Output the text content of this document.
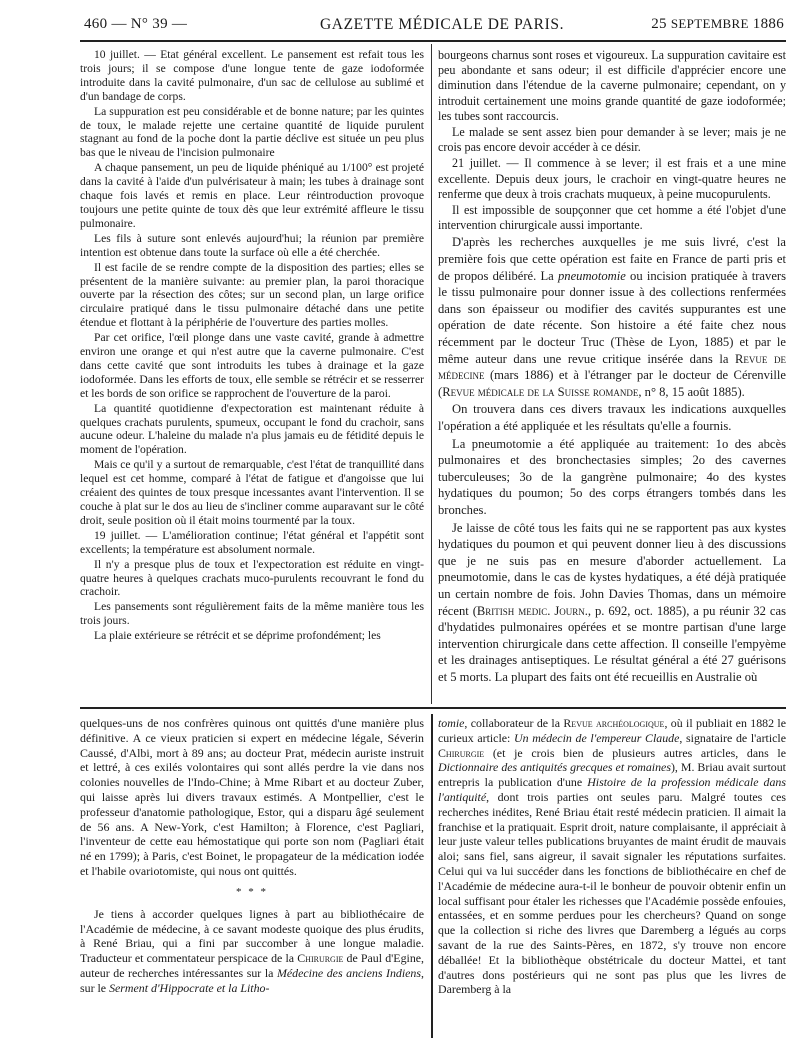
460 — N° 39 —	GAZETTE MÉDICALE DE PARIS.	25 SEPTEMBRE 1886

10 juillet. — Etat général excellent. Le pansement est refait tous les trois jours; il se compose d'une longue tente de gaze iodoformée introduite dans la cavité pulmonaire, d'un sac de cellulose au sublimé et d'un bandage de corps.

La suppuration est peu considérable et de bonne nature; par les quintes de toux, le malade rejette une certaine quantité de liquide purulent stagnant au fond de la poche dont la partie déclive est située un peu plus bas que le niveau de l'incision pulmonaire

A chaque pansement, un peu de liquide phéniqué au 1/100° est projeté dans la cavité à l'aide d'un pulvérisateur à main; les tubes à drainage sont chaque fois lavés et remis en place. Leur réintroduction provoque toujours une petite quinte de toux dès que leur extrémité affleure le tissu pulmonaire.

Les fils à suture sont enlevés aujourd'hui; la réunion par première intention est obtenue dans toute la surface où elle a été cherchée.

Il est facile de se rendre compte de la disposition des parties; elles se présentent de la manière suivante: au premier plan, la paroi thoracique ouverte par la résection des côtes; sur un second plan, un large orifice circulaire pratiqué dans le tissu pulmonaire détaché dans une petite étendue et flottant à la périphérie de l'ouverture des parties molles.

Par cet orifice, l'œil plonge dans une vaste cavité, grande à admettre environ une orange et qui n'est autre que la caverne pulmonaire. C'est dans cette cavité que sont introduits les tubes à drainage et la gaze iodoformée. Dans les efforts de toux, elle semble se rétrécir et se resserrer et les bords de son orifice se rapprochent de l'ouverture de la paroi.

La quantité quotidienne d'expectoration est maintenant réduite à quelques crachats purulents, spumeux, occupant le fond du crachoir, sans aucune odeur. L'haleine du malade n'a plus jamais eu de fétidité depuis le moment de l'opération.

Mais ce qu'il y a surtout de remarquable, c'est l'état de tranquillité dans lequel est cet homme, comparé à l'état de fatigue et d'angoisse que lui créaient des quintes de toux presque incessantes avant l'intervention. Il se couche à plat sur le dos au lieu de s'incliner comme auparavant sur le côté droit, seule position où il était moins tourmenté par la toux.

19 juillet. — L'amélioration continue; l'état général et l'appétit sont excellents; la température est absolument normale.

Il n'y a presque plus de toux et l'expectoration est réduite en vingt-quatre heures à quelques crachats muco-purulents recouvrant le fond du crachoir.

Les pansements sont régulièrement faits de la même manière tous les trois jours.

La plaie extérieure se rétrécit et se déprime profondément; les

bourgeons charnus sont roses et vigoureux. La suppuration cavitaire est peu abondante et sans odeur; il est difficile d'apprécier encore une diminution dans l'étendue de la caverne pulmonaire; cependant, on y introduit certainement une moins grande quantité de gaze iodoformée; les tubes sont raccourcis.

Le malade se sent assez bien pour demander à se lever; mais je ne crois pas encore devoir accéder à ce désir.

21 juillet. — Il commence à se lever; il est frais et a une mine excellente. Depuis deux jours, le crachoir en vingt-quatre heures ne renferme que deux à trois crachats muqueux, à peine mucopurulents.

Il est impossible de soupçonner que cet homme a été l'objet d'une intervention chirurgicale aussi importante.

D'après les recherches auxquelles je me suis livré, c'est la première fois que cette opération est faite en France de parti pris et de propos délibéré. La pneumotomie ou incision pratiquée à travers le tissu pulmonaire pour donner issue à des collections renfermées dans son épaisseur ou modifier des cavités suppurantes est une opération de date récente. Son histoire a été faite chez nous récemment par le docteur Truc (Thèse de Lyon, 1885) et par le même auteur dans une revue critique insérée dans la Revue de médecine (mars 1886) et à l'étranger par le docteur de Cérenville (Revue médicale de la Suisse romande, n° 8, 15 août 1885).

On trouvera dans ces divers travaux les indications auxquelles l'opération a été appliquée et les résultats qu'elle a fournis.

La pneumotomie a été appliquée au traitement: 1o des abcès pulmonaires et des bronchectasies simples; 2o des cavernes tuberculeuses; 3o de la gangrène pulmonaire; 4o des kystes hydatiques du poumon; 5o des corps étrangers tombés dans les bronches.

Je laisse de côté tous les faits qui ne se rapportent pas aux kystes hydatiques du poumon et qui peuvent donner lieu à des discussions que je ne suis pas en mesure d'aborder actuellement. La pneumotomie, dans le cas de kystes hydatiques, a été déjà pratiquée un certain nombre de fois. John Davies Thomas, dans un mémoire récent (British medic. Journ., p. 692, oct. 1885), a pu réunir 32 cas d'hydatides pulmonaires opérées et se montre partisan d'une large intervention chirurgicale dans cette affection. Il conseille l'empyème et les drainages antiseptiques. Le résultat général a été 27 guérisons et 5 morts. La plupart des faits ont été recueillis en Australie où

quelques-uns de nos confrères quinous ont quittés d'une manière plus définitive. A ce vieux praticien si expert en médecine légale, Séverin Caussé, d'Albi, mort à 89 ans; au docteur Prat, médecin auriste instruit et lettré, à ces exilés volontaires qui sont allés perdre la vie dans nos colonies nouvelles de l'Indo-Chine; à Mme Ribart et au docteur Zuber, qui laisse après lui divers travaux estimés. A Montpellier, c'est le professeur d'anatomie pathologique, Estor, qui a disparu âgé seulement de 56 ans. A New-York, c'est Hamilton; à Florence, c'est Pagliari, l'inventeur de cette eau hémostatique qui porte son nom (Pagliari était né en 1799); à Paris, c'est Boinet, le propagateur de la médication iodée et l'habile ovariotomiste, qui nous ont quittés.

* * *

Je tiens à accorder quelques lignes à part au bibliothécaire de l'Académie de médecine, à ce savant modeste quoique des plus érudits, à René Briau, qui a fini par succomber à une longue maladie. Traducteur et commentateur perspicace de la Chirurgie de Paul d'Egine, auteur de recherches intéressantes sur la Médecine des anciens Indiens, sur le Serment d'Hippocrate et la Litho-

tomie, collaborateur de la Revue archéologique, où il publiait en 1882 le curieux article: Un médecin de l'empereur Claude, signataire de l'article Chirurgie (et je crois bien de plusieurs autres articles, dans le Dictionnaire des antiquités grecques et romaines), M. Briau avait surtout entrepris la publication d'une Histoire de la profession médicale dans l'antiquité, dont trois parties ont seules paru. Malgré toutes ces recherches inédites, René Briau était resté médecin praticien. Il aimait la franchise et la pratiquait. Esprit droit, nature complaisante, il appréciait à leur juste valeur telles publications bruyantes de maint érudit de mauvais aloi; sans fiel, sans aigreur, il savait signaler les réputations surfaites. Celui qui va lui succéder dans les fonctions de bibliothécaire en chef de l'Académie de médecine aura-t-il le bonheur de pouvoir obtenir enfin un local suffisant pour étaler les richesses que l'Académie possède enfouies, entassées, et en somme perdues pour les chercheurs? Quand on songe que la collection si riche des livres que Daremberg a légués au corps savant de la rue des Saints-Pères, en 1872, s'y trouve non encore déballée! Et la bibliothèque obstétricale du docteur Mattei, et tant d'autres dons postérieurs qui ne sont pas plus que les livres de Daremberg à la
